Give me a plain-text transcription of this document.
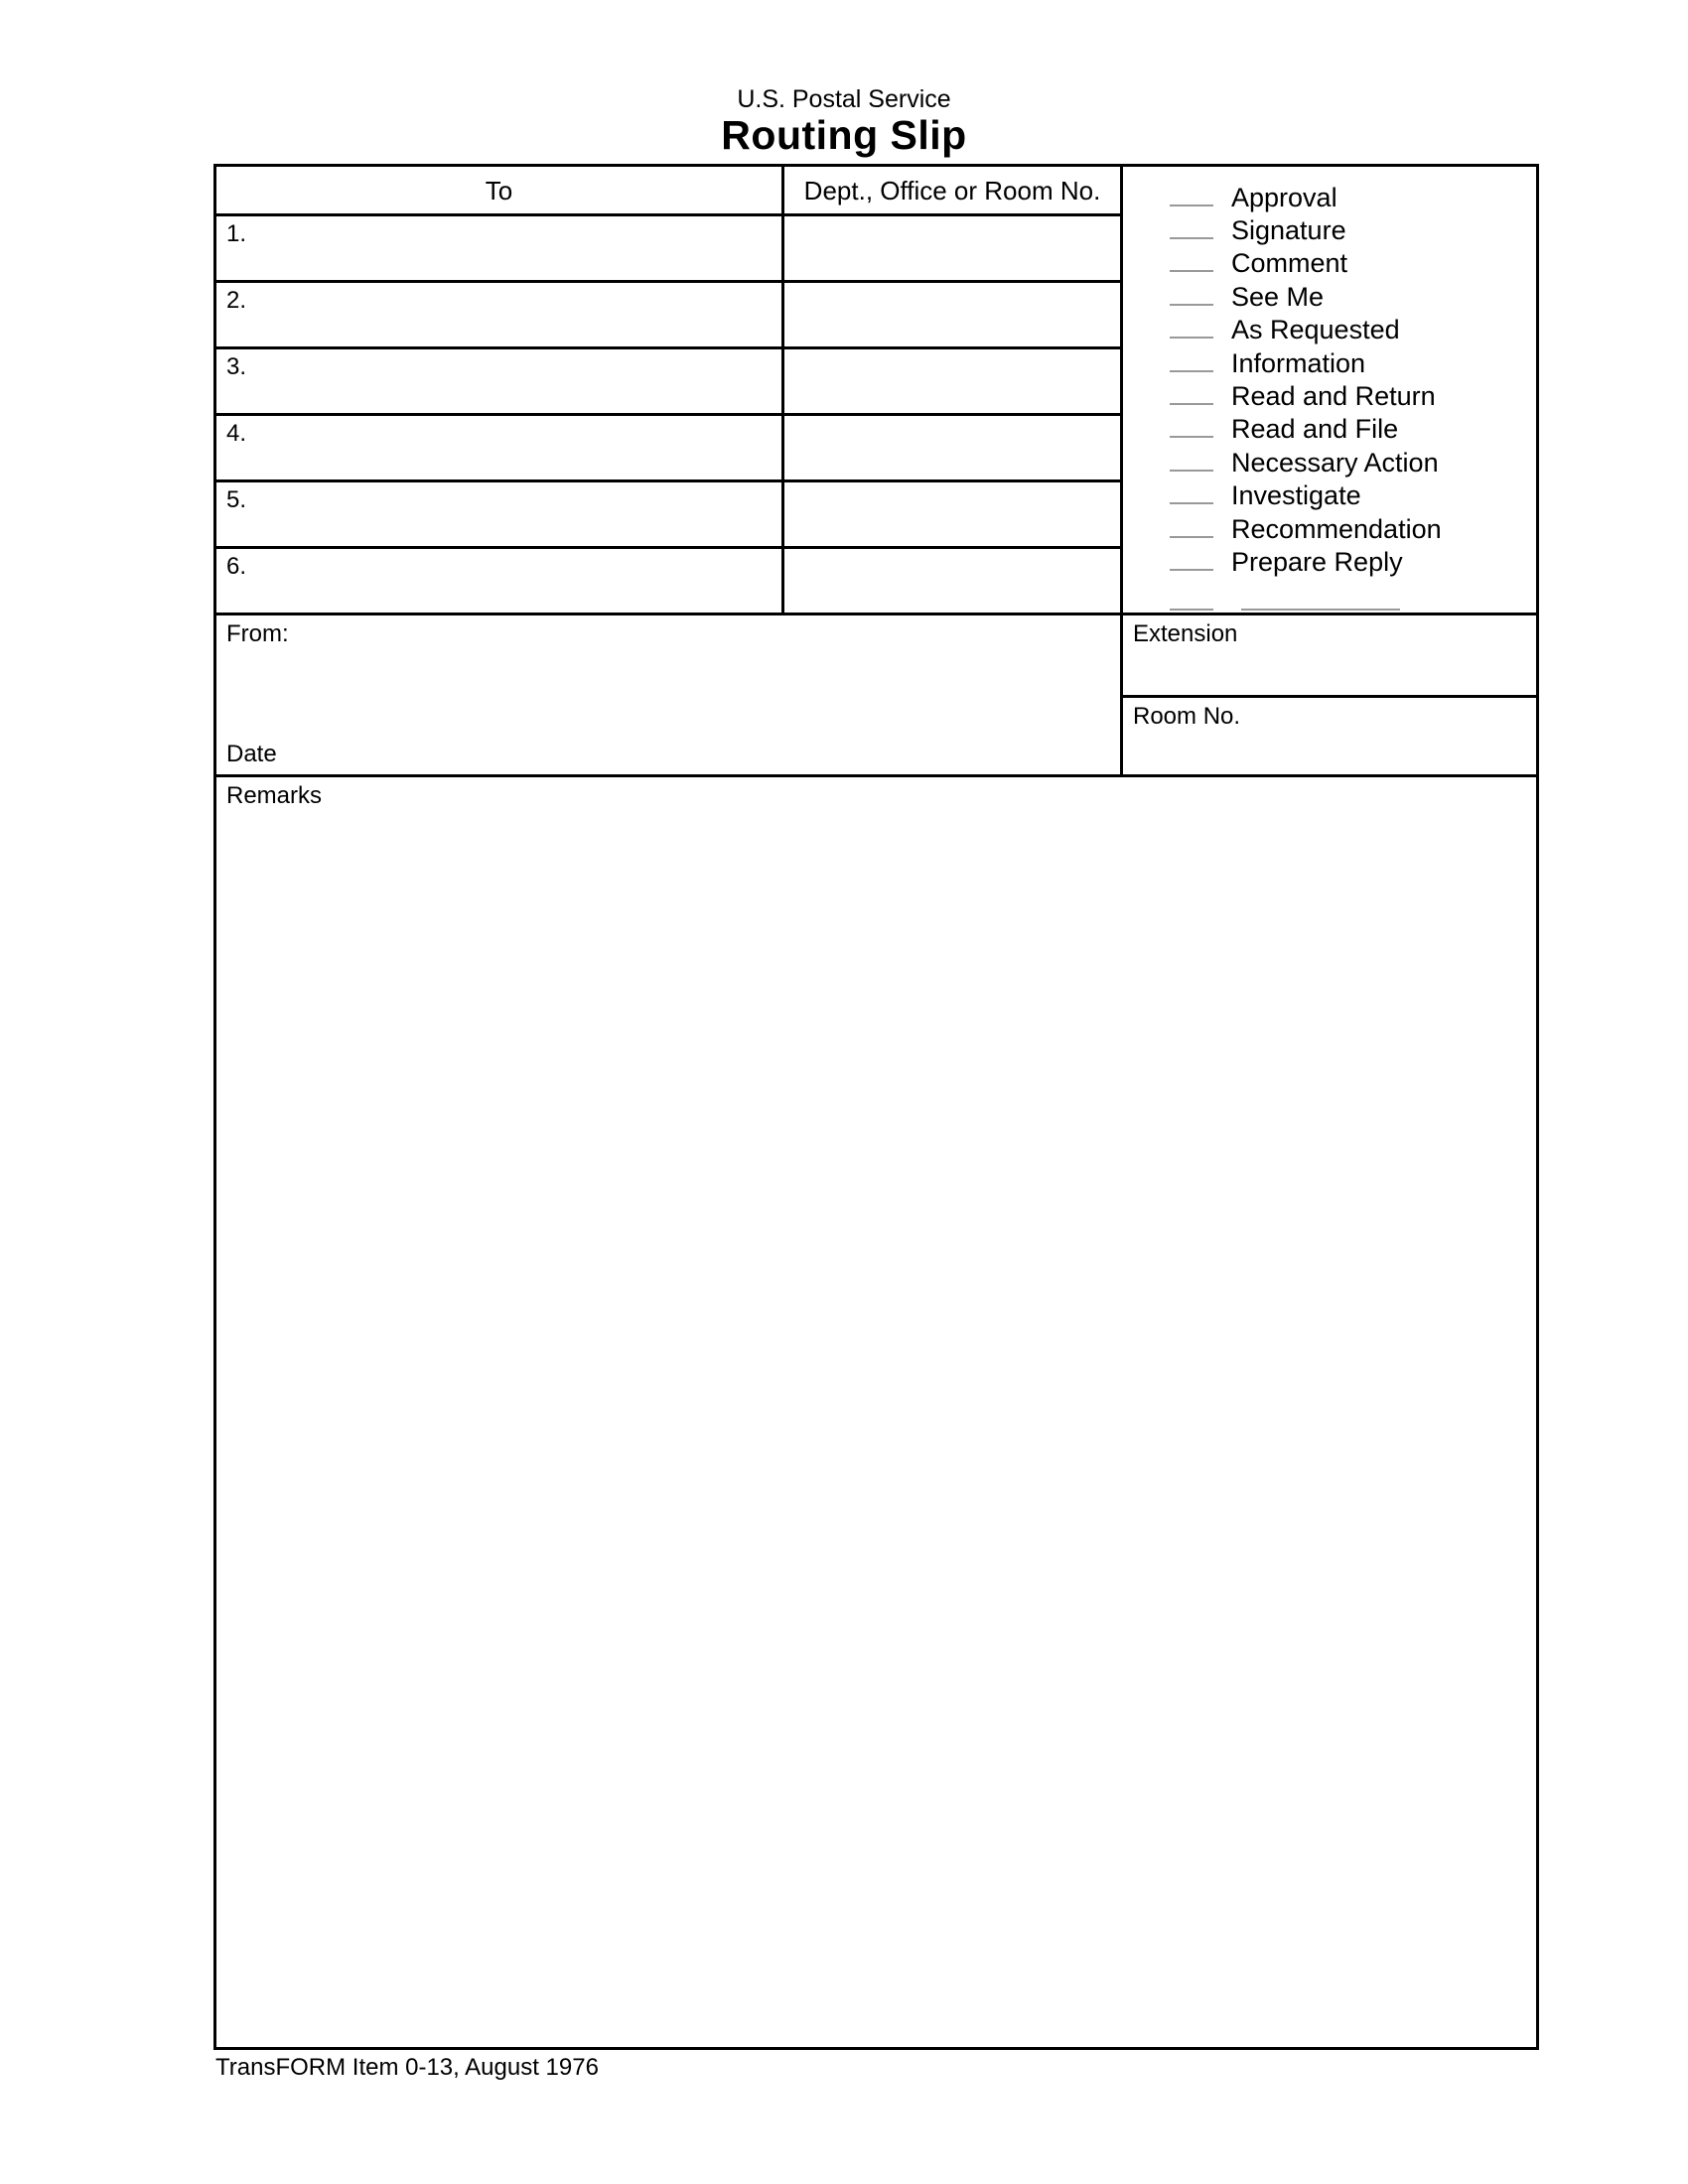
U.S. Postal Service
Routing Slip
To	Dept., Office or Room No.
1.
2.
3.
4.
5.
6.
Approval
Signature
Comment
See Me
As Requested
Information
Read and Return
Read and File
Necessary Action
Investigate
Recommendation
Prepare Reply
From:
Date
Extension
Room No.
Remarks
TransFORM Item 0-13, August 1976
